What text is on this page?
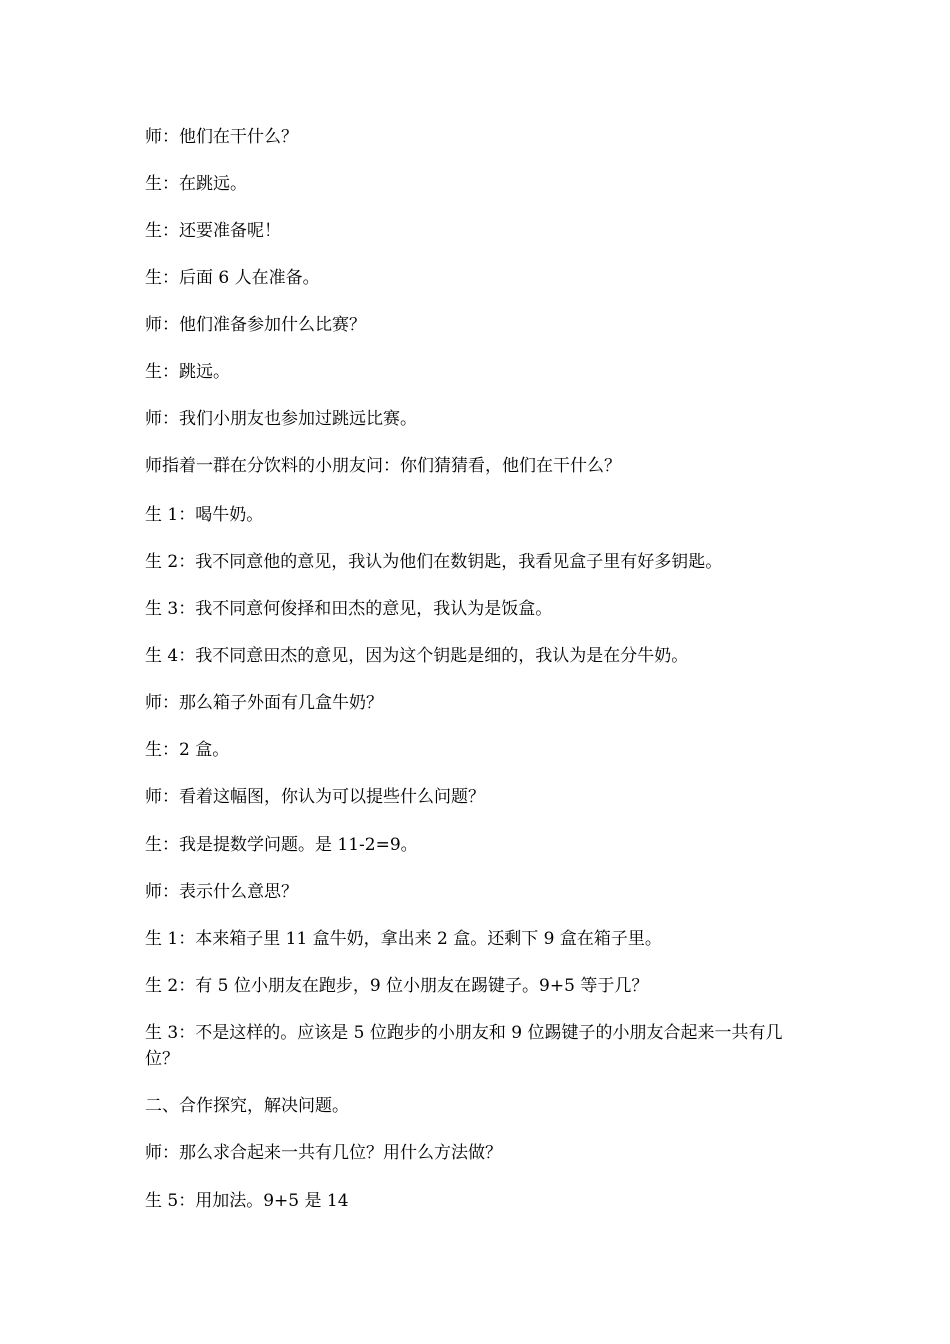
师：他们在干什么？
生：在跳远。
生：还要准备呢！
生：后面 6 人在准备。
师：他们准备参加什么比赛？
生：跳远。
师：我们小朋友也参加过跳远比赛。
师指着一群在分饮料的小朋友问：你们猜猜看，他们在干什么？
生 1：喝牛奶。
生 2：我不同意他的意见，我认为他们在数钥匙，我看见盒子里有好多钥匙。
生 3：我不同意何俊择和田杰的意见，我认为是饭盒。
生 4：我不同意田杰的意见，因为这个钥匙是细的，我认为是在分牛奶。
师：那么箱子外面有几盒牛奶？
生：2 盒。
师：看着这幅图，你认为可以提些什么问题？
生：我是提数学问题。是 11-2=9。
师：表示什么意思？
生 1：本来箱子里 11 盒牛奶，拿出来 2 盒。还剩下 9 盒在箱子里。
生 2：有 5 位小朋友在跑步，9 位小朋友在踢键子。9+5 等于几？
生 3：不是这样的。应该是 5 位跑步的小朋友和 9 位踢键子的小朋友合起来一共有几位？
二、合作探究，解决问题。
师：那么求合起来一共有几位？用什么方法做？
生 5：用加法。9+5 是 14
